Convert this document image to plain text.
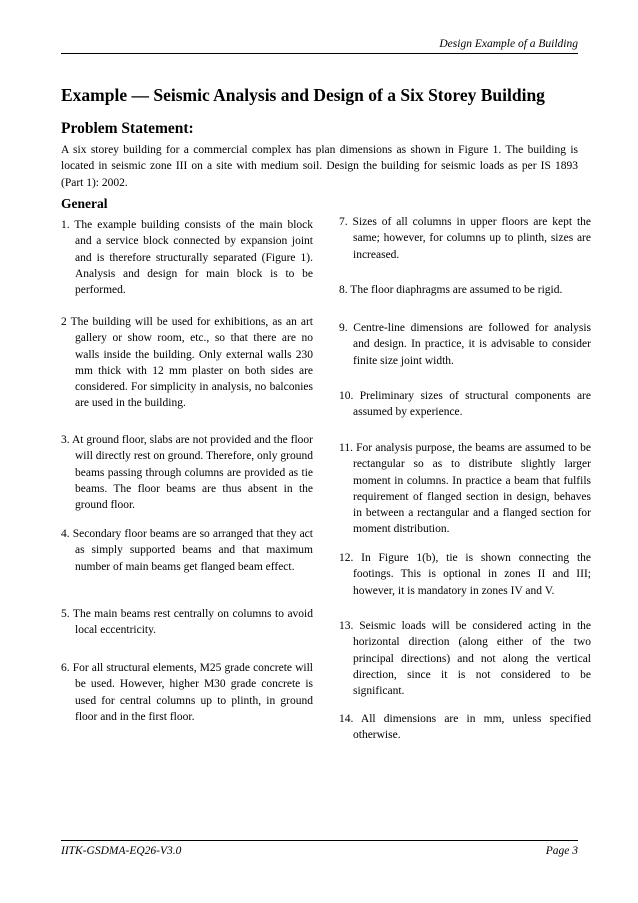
Design Example of a Building
Example — Seismic Analysis and Design of a Six Storey Building
Problem Statement:

A six storey building for a commercial complex has plan dimensions as shown in Figure 1. The building is located in seismic zone III on a site with medium soil. Design the building for seismic loads as per IS 1893 (Part 1): 2002.

General

1. The example building consists of the main block and a service block connected by expansion joint and is therefore structurally separated (Figure 1). Analysis and design for main block is to be performed.

2 The building will be used for exhibitions, as an art gallery or show room, etc., so that there are no walls inside the building. Only external walls 230 mm thick with 12 mm plaster on both sides are considered. For simplicity in analysis, no balconies are used in the building.

3. At ground floor, slabs are not provided and the floor will directly rest on ground. Therefore, only ground beams passing through columns are provided as tie beams. The floor beams are thus absent in the ground floor.

4. Secondary floor beams are so arranged that they act as simply supported beams and that maximum number of main beams get flanged beam effect.

5. The main beams rest centrally on columns to avoid local eccentricity.

6. For all structural elements, M25 grade concrete will be used. However, higher M30 grade concrete is used for central columns up to plinth, in ground floor and in the first floor.

7. Sizes of all columns in upper floors are kept the same; however, for columns up to plinth, sizes are increased.

8. The floor diaphragms are assumed to be rigid.

9. Centre-line dimensions are followed for analysis and design. In practice, it is advisable to consider finite size joint width.

10. Preliminary sizes of structural components are assumed by experience.

11. For analysis purpose, the beams are assumed to be rectangular so as to distribute slightly larger moment in columns. In practice a beam that fulfils requirement of flanged section in design, behaves in between a rectangular and a flanged section for moment distribution.

12. In Figure 1(b), tie is shown connecting the footings. This is optional in zones II and III; however, it is mandatory in zones IV and V.

13. Seismic loads will be considered acting in the horizontal direction (along either of the two principal directions) and not along the vertical direction, since it is not considered to be significant.

14. All dimensions are in mm, unless specified otherwise.

IITK-GSDMA-EQ26-V3.0	Page 3
